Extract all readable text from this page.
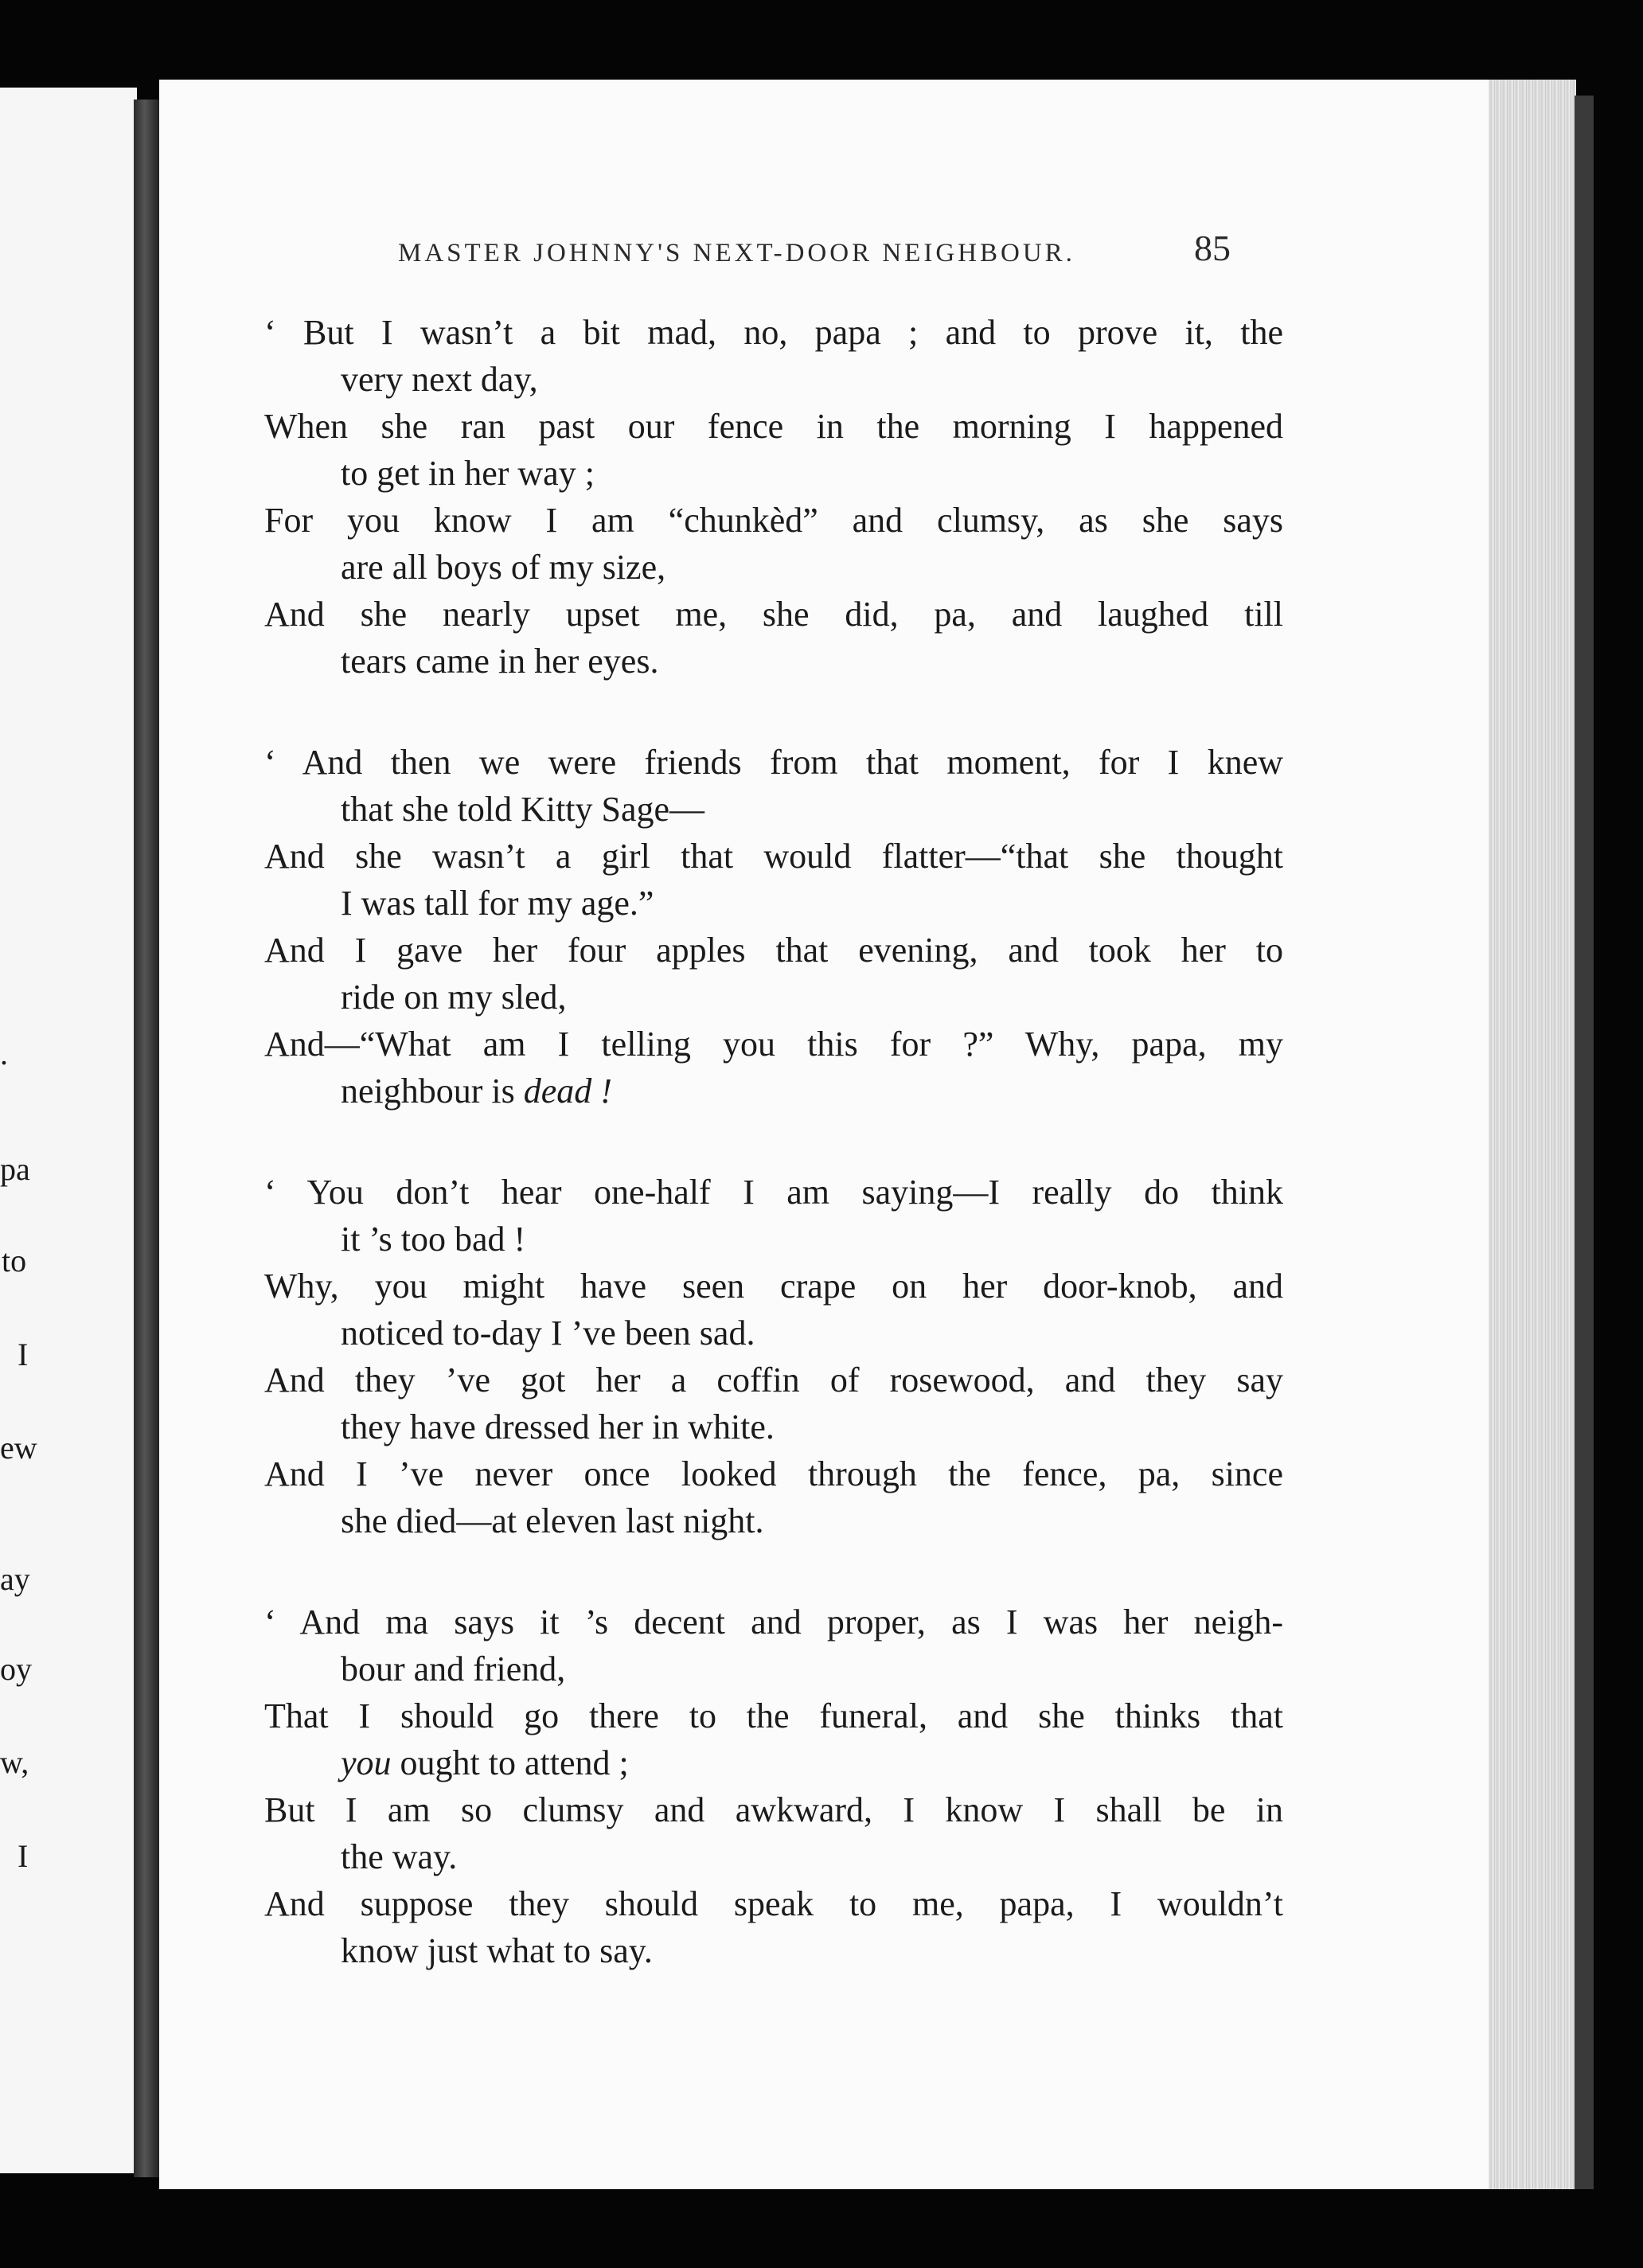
.
pa
to
I
ew
ay
oy
w,
I
MASTER JOHNNY'S NEXT-DOOR NEIGHBOUR.	85
‘ But I wasn’t a bit mad, no, papa ; and to prove it, the
very next day,
When she ran past our fence in the morning I happened
to get in her way ;
For you know I am “chunkèd” and clumsy, as she says
are all boys of my size,
And she nearly upset me, she did, pa, and laughed till
tears came in her eyes.
‘ And then we were friends from that moment, for I knew
that she told Kitty Sage—
And she wasn’t a girl that would flatter—“that she thought
I was tall for my age.”
And I gave her four apples that evening, and took her to
ride on my sled,
And—“What am I telling you this for ?” Why, papa, my
neighbour is dead !
‘ You don’t hear one-half I am saying—I really do think
it ’s too bad !
Why, you might have seen crape on her door-knob, and
noticed to-day I ’ve been sad.
And they ’ve got her a coffin of rosewood, and they say
they have dressed her in white.
And I ’ve never once looked through the fence, pa, since
she died—at eleven last night.
‘ And ma says it ’s decent and proper, as I was her neigh-
bour and friend,
That I should go there to the funeral, and she thinks that
you ought to attend ;
But I am so clumsy and awkward, I know I shall be in
the way.
And suppose they should speak to me, papa, I wouldn’t
know just what to say.
